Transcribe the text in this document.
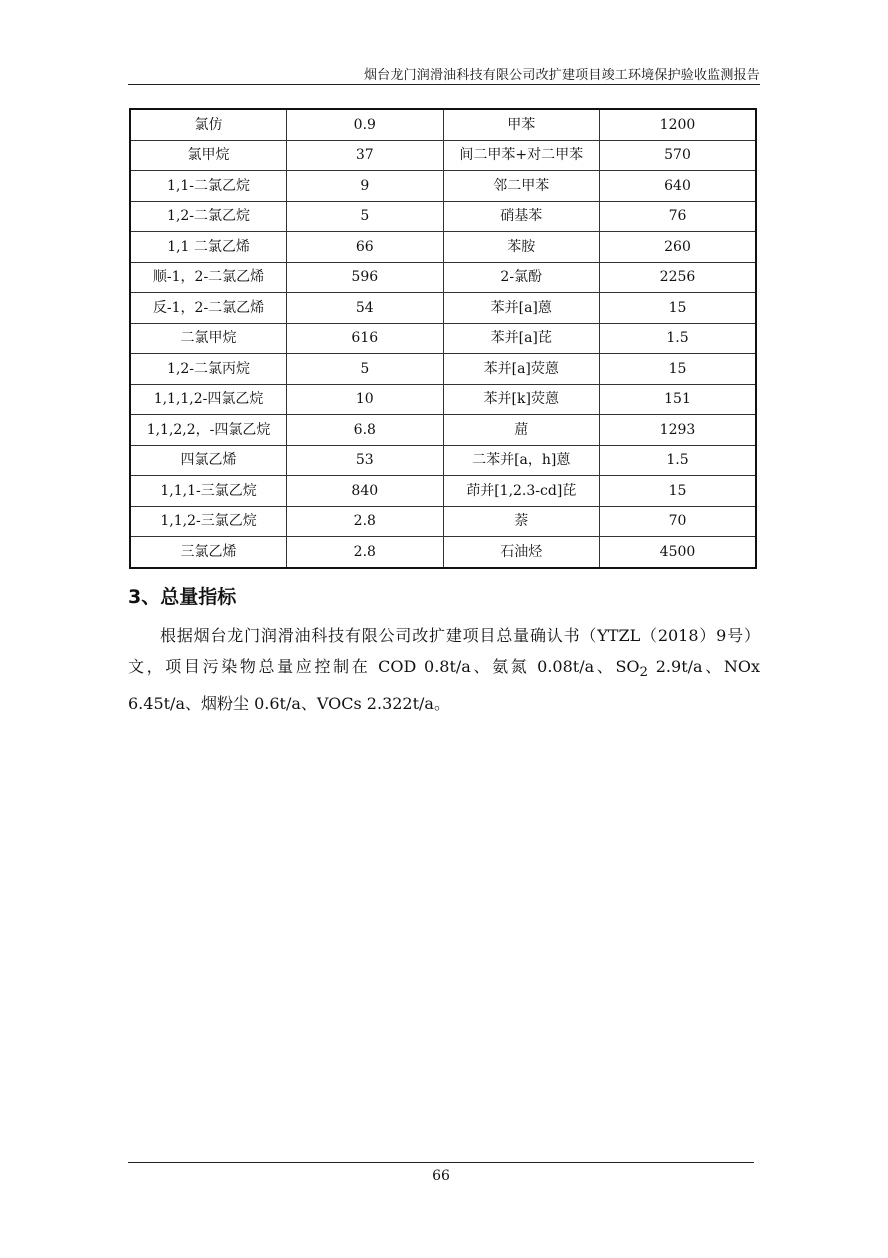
烟台龙门润滑油科技有限公司改扩建项目竣工环境保护验收监测报告
氯仿	0.9	甲苯	1200
氯甲烷	37	间二甲苯+对二甲苯	570
1,1-二氯乙烷	9	邻二甲苯	640
1,2-二氯乙烷	5	硝基苯	76
1,1 二氯乙烯	66	苯胺	260
顺-1，2-二氯乙烯	596	2-氯酚	2256
反-1，2-二氯乙烯	54	苯并[a]蒽	15
二氯甲烷	616	苯并[a]芘	1.5
1,2-二氯丙烷	5	苯并[a]荧蒽	15
1,1,1,2-四氯乙烷	10	苯并[k]荧蒽	151
1,1,2,2，-四氯乙烷	6.8	䓛	1293
四氯乙烯	53	二苯并[a，h]蒽	1.5
1,1,1-三氯乙烷	840	茚并[1,2.3-cd]芘	15
1,1,2-三氯乙烷	2.8	萘	70
三氯乙烯	2.8	石油烃	4500
3、总量指标
根据烟台龙门润滑油科技有限公司改扩建项目总量确认书（YTZL（2018）9号）文，项目污染物总量应控制在 COD 0.8t/a、氨氮 0.08t/a、$SO_2$ 2.9t/a、NOx 6.45t/a、烟粉尘 0.6t/a、VOCs 2.322t/a。
66
